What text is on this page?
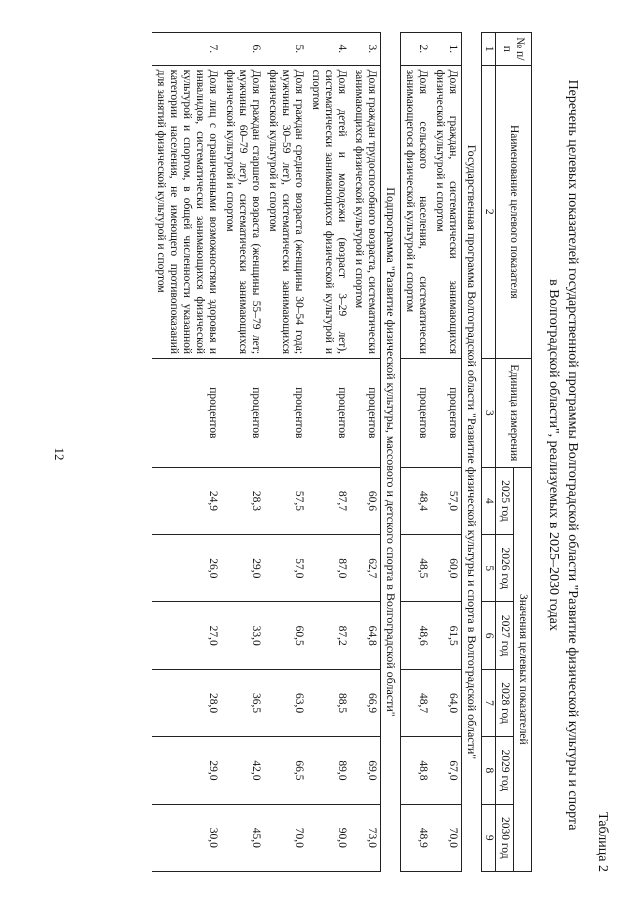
12
Таблица 2
Перечень целевых показателей государственной программы Волгоградской области "Развитие физической культуры и спорта
в Волгоградской области", реализуемых в 2025–2030 годах
№ п/п	Наименование целевого показателя	Единица измерения	Значения целевых показателей					
			2025 год	2026 год	2027 год	2028 год	2029 год	2030 год
1	2	3	4	5	6	7	8	9
Государственная программа Волгоградской области "Развитие физической культуры и спорта в Волгоградской области"								
1.	Доля граждан, систематически занимающихся физической культурой и спортом	процентов	57,0	60,0	61,5	64,0	67,0	70,0
2.	Доля сельского населения, систематически занимающегося физической культурой и спортом	процентов	48,4	48,5	48,6	48,7	48,8	48,9
Подпрограмма "Развитие физической культуры, массового и детского спорта в Волгоградской области"								
3.	Доля граждан трудоспособного возраста, систематически занимающихся физической культурой и спортом	процентов	60,6	62,7	64,8	66,9	69,0	73,0
4.	Доля детей и молодежи (возраст 3–29 лет), систематически занимающихся физической культурой и спортом	процентов	87,7	87,0	87,2	88,5	89,0	90,0
5.	Доля граждан среднего возраста (женщины 30–54 года; мужчины 30–59 лет), систематически занимающихся физической культурой и спортом	процентов	57,5	57,0	60,5	63,0	66,5	70,0
6.	Доля граждан старшего возраста (женщины 55–79 лет; мужчины 60–79 лет), систематически занимающихся физической культурой и спортом	процентов	28,3	29,0	33,0	36,5	42,0	45,0
7.	Доля лиц с ограниченными возможностями здоровья и инвалидов, систематически занимающихся физической культурой и спортом, в общей численности указанной категории населения, не имеющего противопоказаний для занятий физической культурой и спортом	процентов	24,9	26,0	27,0	28,0	29,0	30,0
